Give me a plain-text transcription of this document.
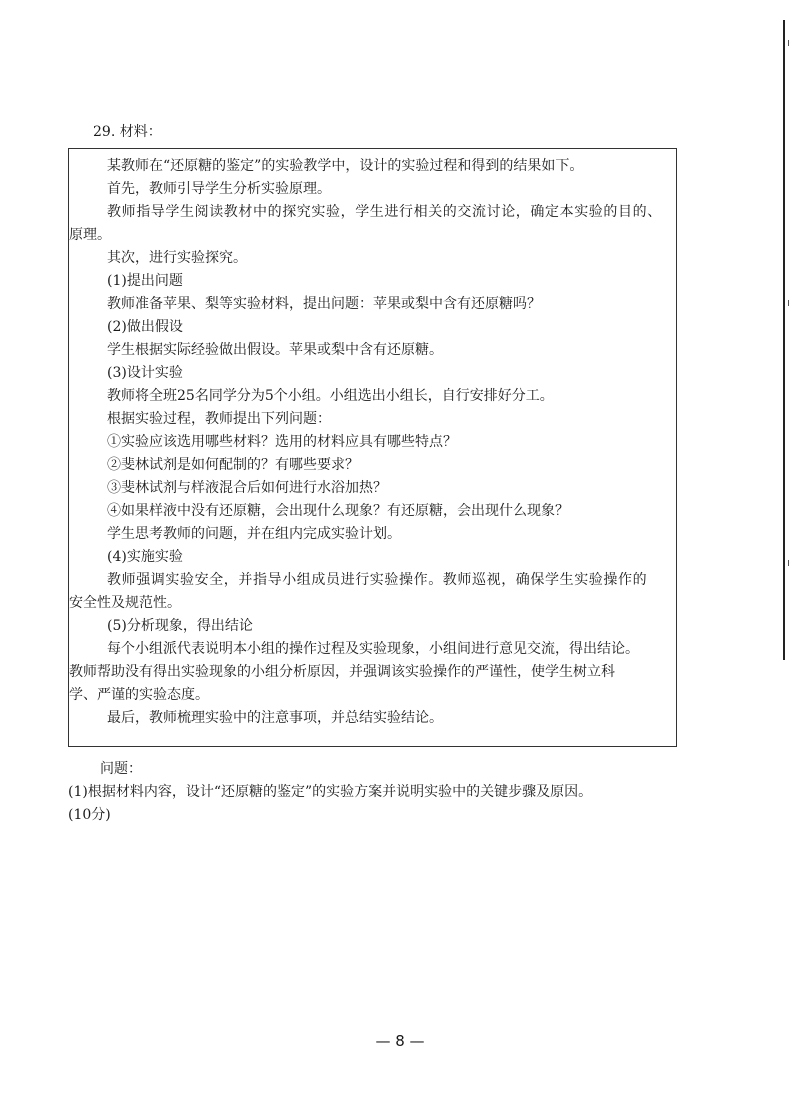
29. 材料：
某教师在“还原糖的鉴定”的实验教学中，设计的实验过程和得到的结果如下。
首先，教师引导学生分析实验原理。
教师指导学生阅读教材中的探究实验，学生进行相关的交流讨论，确定本实验的目的、
原理。
其次，进行实验探究。
(1)提出问题
教师准备苹果、梨等实验材料，提出问题：苹果或梨中含有还原糖吗？
(2)做出假设
学生根据实际经验做出假设。苹果或梨中含有还原糖。
(3)设计实验
教师将全班25名同学分为5个小组。小组选出小组长，自行安排好分工。
根据实验过程，教师提出下列问题：
①实验应该选用哪些材料？选用的材料应具有哪些特点？
②斐林试剂是如何配制的？有哪些要求？
③斐林试剂与样液混合后如何进行水浴加热？
④如果样液中没有还原糖，会出现什么现象？有还原糖，会出现什么现象？
学生思考教师的问题，并在组内完成实验计划。
(4)实施实验
教师强调实验安全，并指导小组成员进行实验操作。教师巡视，确保学生实验操作的
安全性及规范性。
(5)分析现象，得出结论
每个小组派代表说明本小组的操作过程及实验现象，小组间进行意见交流，得出结论。
教师帮助没有得出实验现象的小组分析原因，并强调该实验操作的严谨性，使学生树立科
学、严谨的实验态度。
最后，教师梳理实验中的注意事项，并总结实验结论。
问题：
(1)根据材料内容，设计“还原糖的鉴定”的实验方案并说明实验中的关键步骤及原因。
(10分)
— 8 —
